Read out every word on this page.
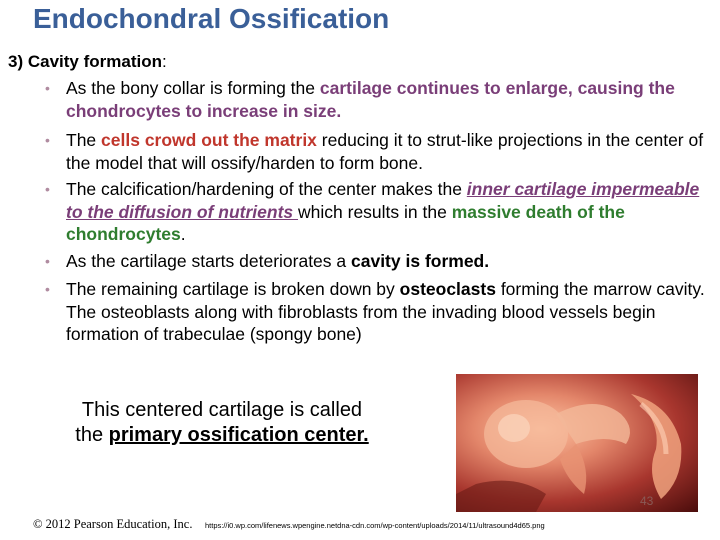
Endochondral Ossification
3) Cavity formation:
• As the bony collar is forming the cartilage continues to enlarge, causing the chondrocytes to increase in size.
• The cells crowd out the matrix reducing it to strut-like projections in the center of the model that will ossify/harden to form bone.
• The calcification/hardening of the center makes the inner cartilage impermeable to the diffusion of nutrients which results in the massive death of the chondrocytes.
• As the cartilage starts deteriorates a cavity is formed.
• The remaining cartilage is broken down by osteoclasts forming the marrow cavity. The osteoblasts along with fibroblasts from the invading blood vessels begin formation of trabeculae (spongy bone)
This centered cartilage is called
the primary ossification center.
43
© 2012 Pearson Education, Inc. https://i0.wp.com/lifenews.wpengine.netdna-cdn.com/wp-content/uploads/2014/11/ultrasound4d65.png
